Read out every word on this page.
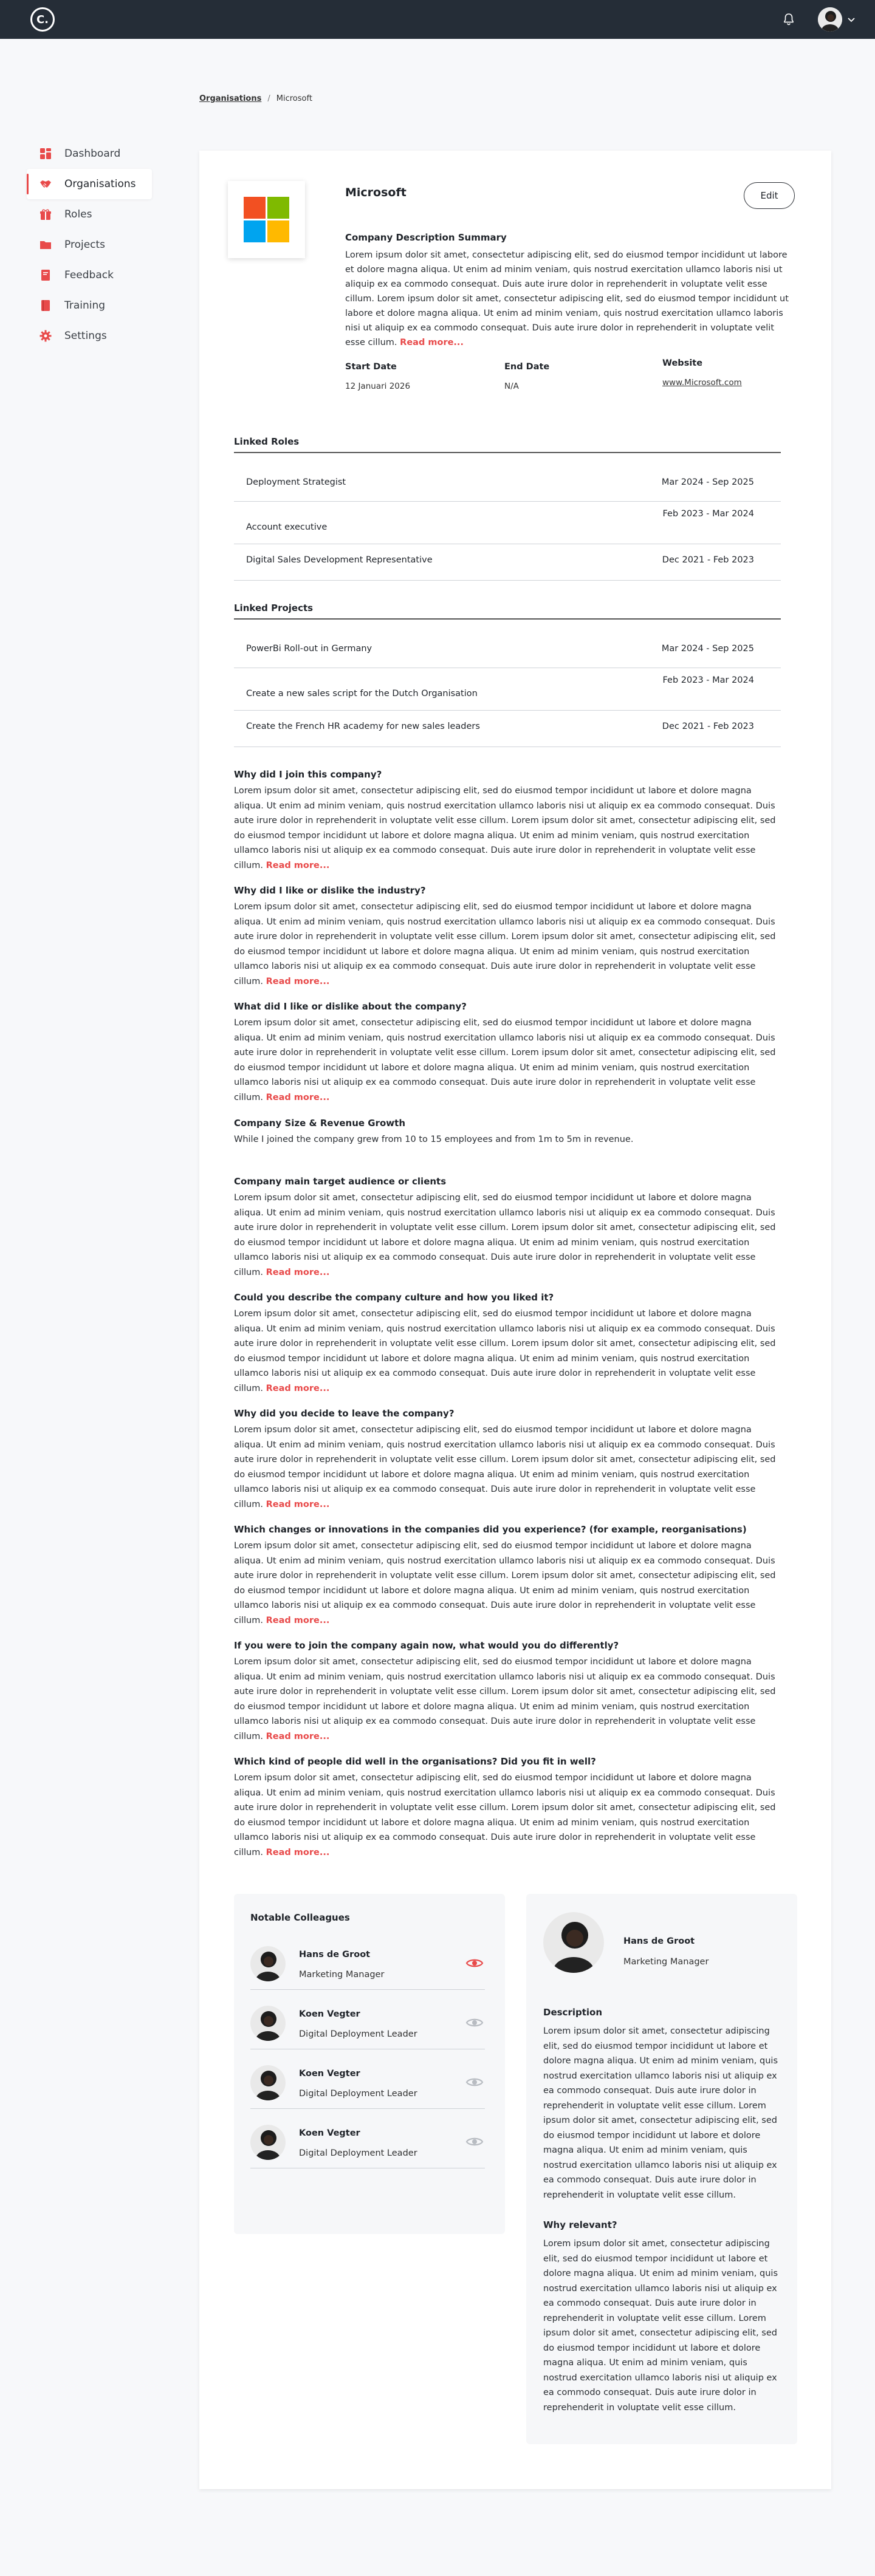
C.
Organisations / Microsoft
Dashboard
Organisations
Roles
Projects
Feedback
Training
Settings
Microsoft	Edit
Company Description Summary

Lorem ipsum dolor sit amet, consectetur adipiscing elit, sed do eiusmod tempor incididunt ut labore et dolore magna aliqua. Ut enim ad minim veniam, quis nostrud exercitation ullamco laboris nisi ut aliquip ex ea commodo consequat. Duis aute irure dolor in reprehenderit in voluptate velit esse cillum. Lorem ipsum dolor sit amet, consectetur adipiscing elit, sed do eiusmod tempor incididunt ut labore et dolore magna aliqua. Ut enim ad minim veniam, quis nostrud exercitation ullamco laboris nisi ut aliquip ex ea commodo consequat. Duis aute irure dolor in reprehenderit in voluptate velit esse cillum. Read more...

Start Date
12 Januari 2026
End Date
N/A
Website
www.Microsoft.com
Linked Roles
Deployment Strategist	Mar 2024 - Sep 2025
Account executive
Feb 2023 - Mar 2024
Digital Sales Development Representative	Dec 2021 - Feb 2023
Linked Projects
PowerBi Roll-out in Germany	Mar 2024 - Sep 2025
Create a new sales script for the Dutch Organisation
Feb 2023 - Mar 2024
Create the French HR academy for new sales leaders	Dec 2021 - Feb 2023
Why did I join this company?

Lorem ipsum dolor sit amet, consectetur adipiscing elit, sed do eiusmod tempor incididunt ut labore et dolore magna aliqua. Ut enim ad minim veniam, quis nostrud exercitation ullamco laboris nisi ut aliquip ex ea commodo consequat. Duis aute irure dolor in reprehenderit in voluptate velit esse cillum. Lorem ipsum dolor sit amet, consectetur adipiscing elit, sed do eiusmod tempor incididunt ut labore et dolore magna aliqua. Ut enim ad minim veniam, quis nostrud exercitation ullamco laboris nisi ut aliquip ex ea commodo consequat. Duis aute irure dolor in reprehenderit in voluptate velit esse cillum. Read more...

Why did I like or dislike the industry?

Lorem ipsum dolor sit amet, consectetur adipiscing elit, sed do eiusmod tempor incididunt ut labore et dolore magna aliqua. Ut enim ad minim veniam, quis nostrud exercitation ullamco laboris nisi ut aliquip ex ea commodo consequat. Duis aute irure dolor in reprehenderit in voluptate velit esse cillum. Lorem ipsum dolor sit amet, consectetur adipiscing elit, sed do eiusmod tempor incididunt ut labore et dolore magna aliqua. Ut enim ad minim veniam, quis nostrud exercitation ullamco laboris nisi ut aliquip ex ea commodo consequat. Duis aute irure dolor in reprehenderit in voluptate velit esse cillum. Read more...

What did I like or dislike about the company?

Lorem ipsum dolor sit amet, consectetur adipiscing elit, sed do eiusmod tempor incididunt ut labore et dolore magna aliqua. Ut enim ad minim veniam, quis nostrud exercitation ullamco laboris nisi ut aliquip ex ea commodo consequat. Duis aute irure dolor in reprehenderit in voluptate velit esse cillum. Lorem ipsum dolor sit amet, consectetur adipiscing elit, sed do eiusmod tempor incididunt ut labore et dolore magna aliqua. Ut enim ad minim veniam, quis nostrud exercitation ullamco laboris nisi ut aliquip ex ea commodo consequat. Duis aute irure dolor in reprehenderit in voluptate velit esse cillum. Read more...

Company Size & Revenue Growth

While I joined the company grew from 10 to 15 employees and from 1m to 5m in revenue.

Company main target audience or clients

Lorem ipsum dolor sit amet, consectetur adipiscing elit, sed do eiusmod tempor incididunt ut labore et dolore magna aliqua. Ut enim ad minim veniam, quis nostrud exercitation ullamco laboris nisi ut aliquip ex ea commodo consequat. Duis aute irure dolor in reprehenderit in voluptate velit esse cillum. Lorem ipsum dolor sit amet, consectetur adipiscing elit, sed do eiusmod tempor incididunt ut labore et dolore magna aliqua. Ut enim ad minim veniam, quis nostrud exercitation ullamco laboris nisi ut aliquip ex ea commodo consequat. Duis aute irure dolor in reprehenderit in voluptate velit esse cillum. Read more...

Could you describe the company culture and how you liked it?

Lorem ipsum dolor sit amet, consectetur adipiscing elit, sed do eiusmod tempor incididunt ut labore et dolore magna aliqua. Ut enim ad minim veniam, quis nostrud exercitation ullamco laboris nisi ut aliquip ex ea commodo consequat. Duis aute irure dolor in reprehenderit in voluptate velit esse cillum. Lorem ipsum dolor sit amet, consectetur adipiscing elit, sed do eiusmod tempor incididunt ut labore et dolore magna aliqua. Ut enim ad minim veniam, quis nostrud exercitation ullamco laboris nisi ut aliquip ex ea commodo consequat. Duis aute irure dolor in reprehenderit in voluptate velit esse cillum. Read more...

Why did you decide to leave the company?

Lorem ipsum dolor sit amet, consectetur adipiscing elit, sed do eiusmod tempor incididunt ut labore et dolore magna aliqua. Ut enim ad minim veniam, quis nostrud exercitation ullamco laboris nisi ut aliquip ex ea commodo consequat. Duis aute irure dolor in reprehenderit in voluptate velit esse cillum. Lorem ipsum dolor sit amet, consectetur adipiscing elit, sed do eiusmod tempor incididunt ut labore et dolore magna aliqua. Ut enim ad minim veniam, quis nostrud exercitation ullamco laboris nisi ut aliquip ex ea commodo consequat. Duis aute irure dolor in reprehenderit in voluptate velit esse cillum. Read more...

Which changes or innovations in the companies did you experience? (for example, reorganisations)

Lorem ipsum dolor sit amet, consectetur adipiscing elit, sed do eiusmod tempor incididunt ut labore et dolore magna aliqua. Ut enim ad minim veniam, quis nostrud exercitation ullamco laboris nisi ut aliquip ex ea commodo consequat. Duis aute irure dolor in reprehenderit in voluptate velit esse cillum. Lorem ipsum dolor sit amet, consectetur adipiscing elit, sed do eiusmod tempor incididunt ut labore et dolore magna aliqua. Ut enim ad minim veniam, quis nostrud exercitation ullamco laboris nisi ut aliquip ex ea commodo consequat. Duis aute irure dolor in reprehenderit in voluptate velit esse cillum. Read more...

If you were to join the company again now, what would you do differently?

Lorem ipsum dolor sit amet, consectetur adipiscing elit, sed do eiusmod tempor incididunt ut labore et dolore magna aliqua. Ut enim ad minim veniam, quis nostrud exercitation ullamco laboris nisi ut aliquip ex ea commodo consequat. Duis aute irure dolor in reprehenderit in voluptate velit esse cillum. Lorem ipsum dolor sit amet, consectetur adipiscing elit, sed do eiusmod tempor incididunt ut labore et dolore magna aliqua. Ut enim ad minim veniam, quis nostrud exercitation ullamco laboris nisi ut aliquip ex ea commodo consequat. Duis aute irure dolor in reprehenderit in voluptate velit esse cillum. Read more...

Which kind of people did well in the organisations? Did you fit in well?

Lorem ipsum dolor sit amet, consectetur adipiscing elit, sed do eiusmod tempor incididunt ut labore et dolore magna aliqua. Ut enim ad minim veniam, quis nostrud exercitation ullamco laboris nisi ut aliquip ex ea commodo consequat. Duis aute irure dolor in reprehenderit in voluptate velit esse cillum. Lorem ipsum dolor sit amet, consectetur adipiscing elit, sed do eiusmod tempor incididunt ut labore et dolore magna aliqua. Ut enim ad minim veniam, quis nostrud exercitation ullamco laboris nisi ut aliquip ex ea commodo consequat. Duis aute irure dolor in reprehenderit in voluptate velit esse cillum. Read more...

Notable Colleagues
Hans de Groot
Marketing Manager
Koen Vegter
Digital Deployment Leader
Koen Vegter
Digital Deployment Leader
Koen Vegter
Digital Deployment Leader
Hans de Groot
Marketing Manager
Description

Lorem ipsum dolor sit amet, consectetur adipiscing elit, sed do eiusmod tempor incididunt ut labore et dolore magna aliqua. Ut enim ad minim veniam, quis nostrud exercitation ullamco laboris nisi ut aliquip ex ea commodo consequat. Duis aute irure dolor in reprehenderit in voluptate velit esse cillum. Lorem ipsum dolor sit amet, consectetur adipiscing elit, sed do eiusmod tempor incididunt ut labore et dolore magna aliqua. Ut enim ad minim veniam, quis nostrud exercitation ullamco laboris nisi ut aliquip ex ea commodo consequat. Duis aute irure dolor in reprehenderit in voluptate velit esse cillum.

Why relevant?

Lorem ipsum dolor sit amet, consectetur adipiscing elit, sed do eiusmod tempor incididunt ut labore et dolore magna aliqua. Ut enim ad minim veniam, quis nostrud exercitation ullamco laboris nisi ut aliquip ex ea commodo consequat. Duis aute irure dolor in reprehenderit in voluptate velit esse cillum. Lorem ipsum dolor sit amet, consectetur adipiscing elit, sed do eiusmod tempor incididunt ut labore et dolore magna aliqua. Ut enim ad minim veniam, quis nostrud exercitation ullamco laboris nisi ut aliquip ex ea commodo consequat. Duis aute irure dolor in reprehenderit in voluptate velit esse cillum.
